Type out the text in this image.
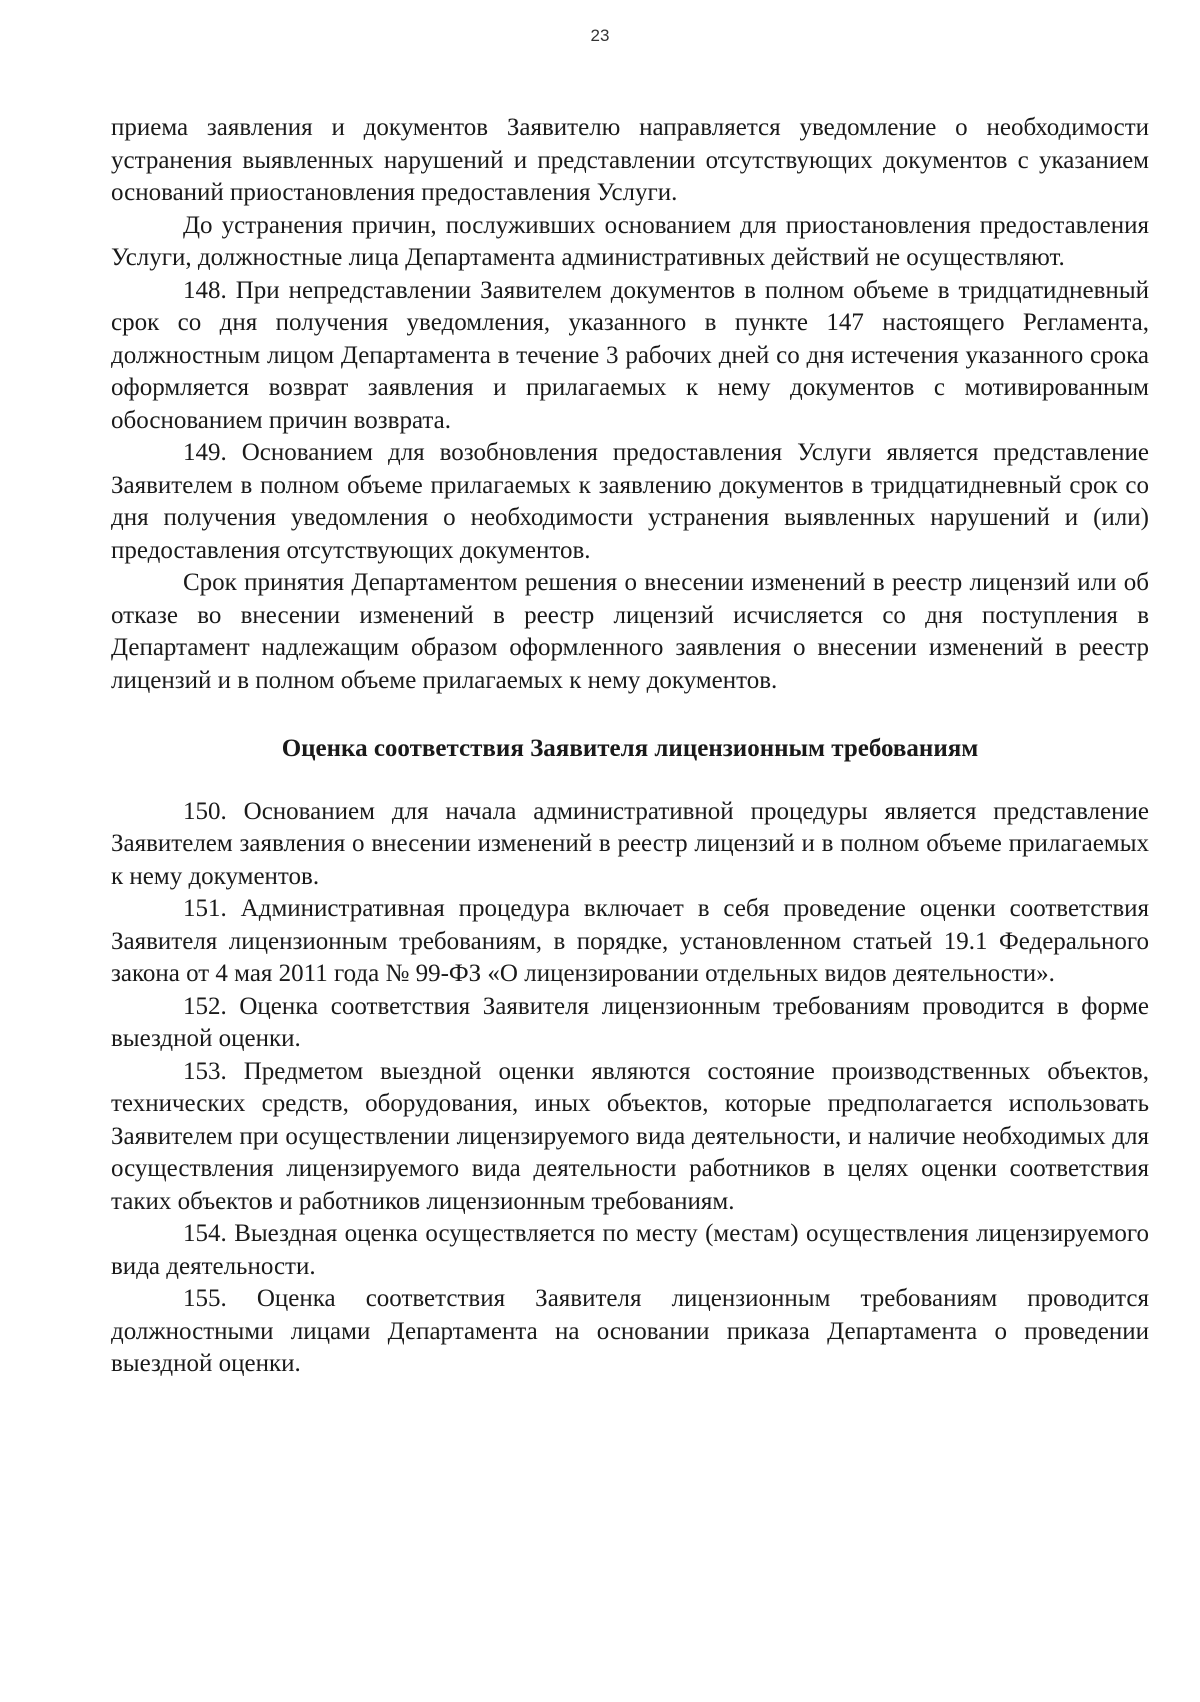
23

приема заявления и документов Заявителю направляется уведомление о необходимости устранения выявленных нарушений и представлении отсутствующих документов с указанием оснований приостановления предоставления Услуги.

До устранения причин, послуживших основанием для приостановления предоставления Услуги, должностные лица Департамента административных действий не осуществляют.

148. При непредставлении Заявителем документов в полном объеме в тридцатидневный срок со дня получения уведомления, указанного в пункте 147 настоящего Регламента, должностным лицом Департамента в течение 3 рабочих дней со дня истечения указанного срока оформляется возврат заявления и прилагаемых к нему документов с мотивированным обоснованием причин возврата.

149. Основанием для возобновления предоставления Услуги является представление Заявителем в полном объеме прилагаемых к заявлению документов в тридцатидневный срок со дня получения уведомления о необходимости устранения выявленных нарушений и (или) предоставления отсутствующих документов.

Срок принятия Департаментом решения о внесении изменений в реестр лицензий или об отказе во внесении изменений в реестр лицензий исчисляется со дня поступления в Департамент надлежащим образом оформленного заявления о внесении изменений в реестр лицензий и в полном объеме прилагаемых к нему документов.

Оценка соответствия Заявителя лицензионным требованиям

150. Основанием для начала административной процедуры является представление Заявителем заявления о внесении изменений в реестр лицензий и в полном объеме прилагаемых к нему документов.

151. Административная процедура включает в себя проведение оценки соответствия Заявителя лицензионным требованиям, в порядке, установленном статьей 19.1 Федерального закона от 4 мая 2011 года № 99-ФЗ «О лицензировании отдельных видов деятельности».

152. Оценка соответствия Заявителя лицензионным требованиям проводится в форме выездной оценки.

153. Предметом выездной оценки являются состояние производственных объектов, технических средств, оборудования, иных объектов, которые предполагается использовать Заявителем при осуществлении лицензируемого вида деятельности, и наличие необходимых для осуществления лицензируемого вида деятельности работников в целях оценки соответствия таких объектов и работников лицензионным требованиям.

154. Выездная оценка осуществляется по месту (местам) осуществления лицензируемого вида деятельности.

155. Оценка соответствия Заявителя лицензионным требованиям проводится должностными лицами Департамента на основании приказа Департамента о проведении выездной оценки.
